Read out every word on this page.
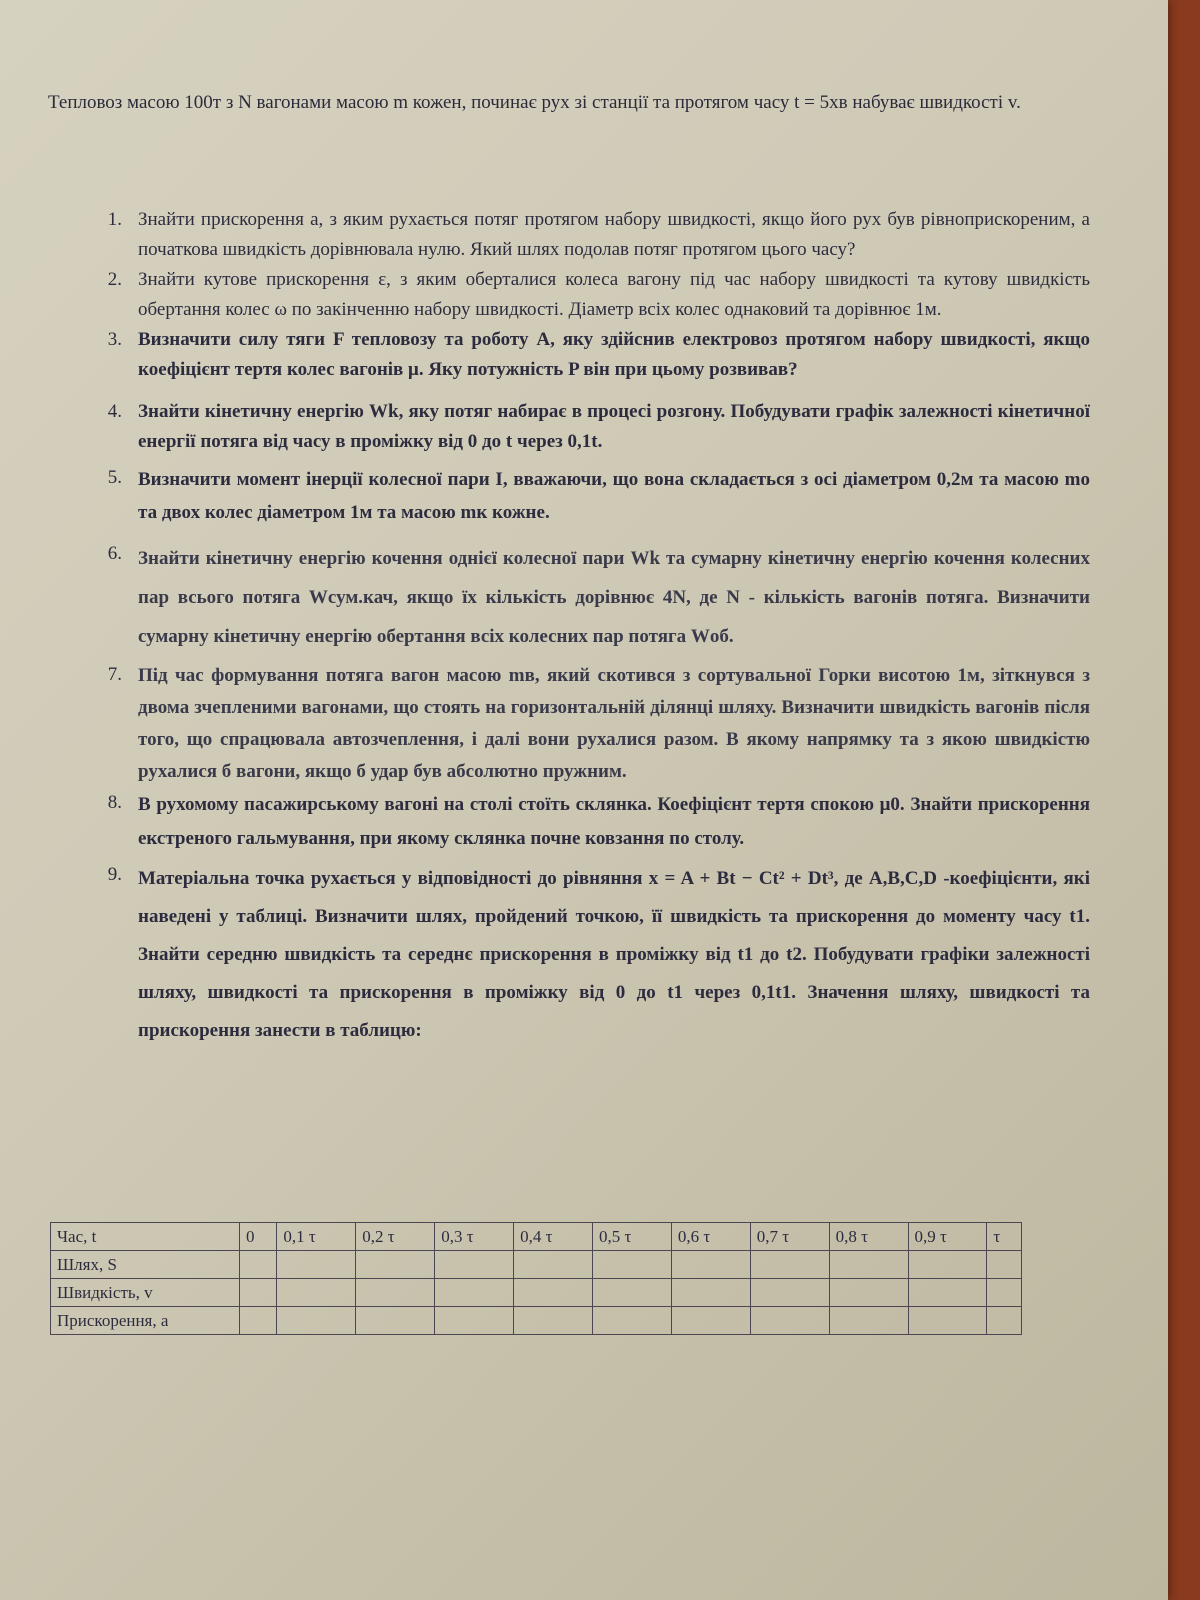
Тепловоз масою 100т з N вагонами масою m кожен, починає рух зі станції та протягом часу t = 5хв набуває швидкості v.

1. Знайти прискорення a, з яким рухається потяг протягом набору швидкості, якщо його рух був рівноприскореним, а початкова швидкість дорівнювала нулю. Який шлях подолав потяг протягом цього часу?
2. Знайти кутове прискорення ε, з яким оберталися колеса вагону під час набору швидкості та кутову швидкість обертання колес ω по закінченню набору швидкості. Діаметр всіх колес однаковий та дорівнює 1м.
3. Визначити силу тяги F тепловозу та роботу A, яку здійснив електровоз протягом набору швидкості, якщо коефіцієнт тертя колес вагонів μ. Яку потужність P він при цьому розвивав?
4. Знайти кінетичну енергію Wk, яку потяг набирає в процесі розгону. Побудувати графік залежності кінетичної енергії потяга від часу в проміжку від 0 до t через 0,1t.
5. Визначити момент інерції колесної пари I, вважаючи, що вона складається з осі діаметром 0,2м та масою mо та двох колес діаметром 1м та масою mк кожне.
6. Знайти кінетичну енергію кочення однієї колесної пари Wk та сумарну кінетичну енергію кочення колесних пар всього потяга Wсум.кач, якщо їх кількість дорівнює 4N, де N - кількість вагонів потяга. Визначити сумарну кінетичну енергію обертання всіх колесних пар потяга Wоб.
7. Під час формування потяга вагон масою mв, який скотився з сортувальної Горки висотою 1м, зіткнувся з двома зчепленими вагонами, що стоять на горизонтальній ділянці шляху. Визначити швидкість вагонів після того, що спрацювала автозчеплення, і далі вони рухалися разом. В якому напрямку та з якою швидкістю рухалися б вагони, якщо б удар був абсолютно пружним.
8. В рухомому пасажирському вагоні на столі стоїть склянка. Коефіцієнт тертя спокою μ0. Знайти прискорення екстреного гальмування, при якому склянка почне ковзання по столу.
9. Матеріальна точка рухається у відповідності до рівняння x = A + Bt − Ct² + Dt³, де A,B,C,D -коефіцієнти, які наведені у таблиці. Визначити шлях, пройдений точкою, її швидкість та прискорення до моменту часу t1. Знайти середню швидкість та середнє прискорення в проміжку від t1 до t2. Побудувати графіки залежності шляху, швидкості та прискорення в проміжку від 0 до t1 через 0,1t1. Значення шляху, швидкості та прискорення занести в таблицю:
Час, t	0	0,1 τ	0,2 τ	0,3 τ	0,4 τ	0,5 τ	0,6 τ	0,7 τ	0,8 τ	0,9 τ	τ
Шлях, S											
Швидкість, v											
Прискорення, a											
